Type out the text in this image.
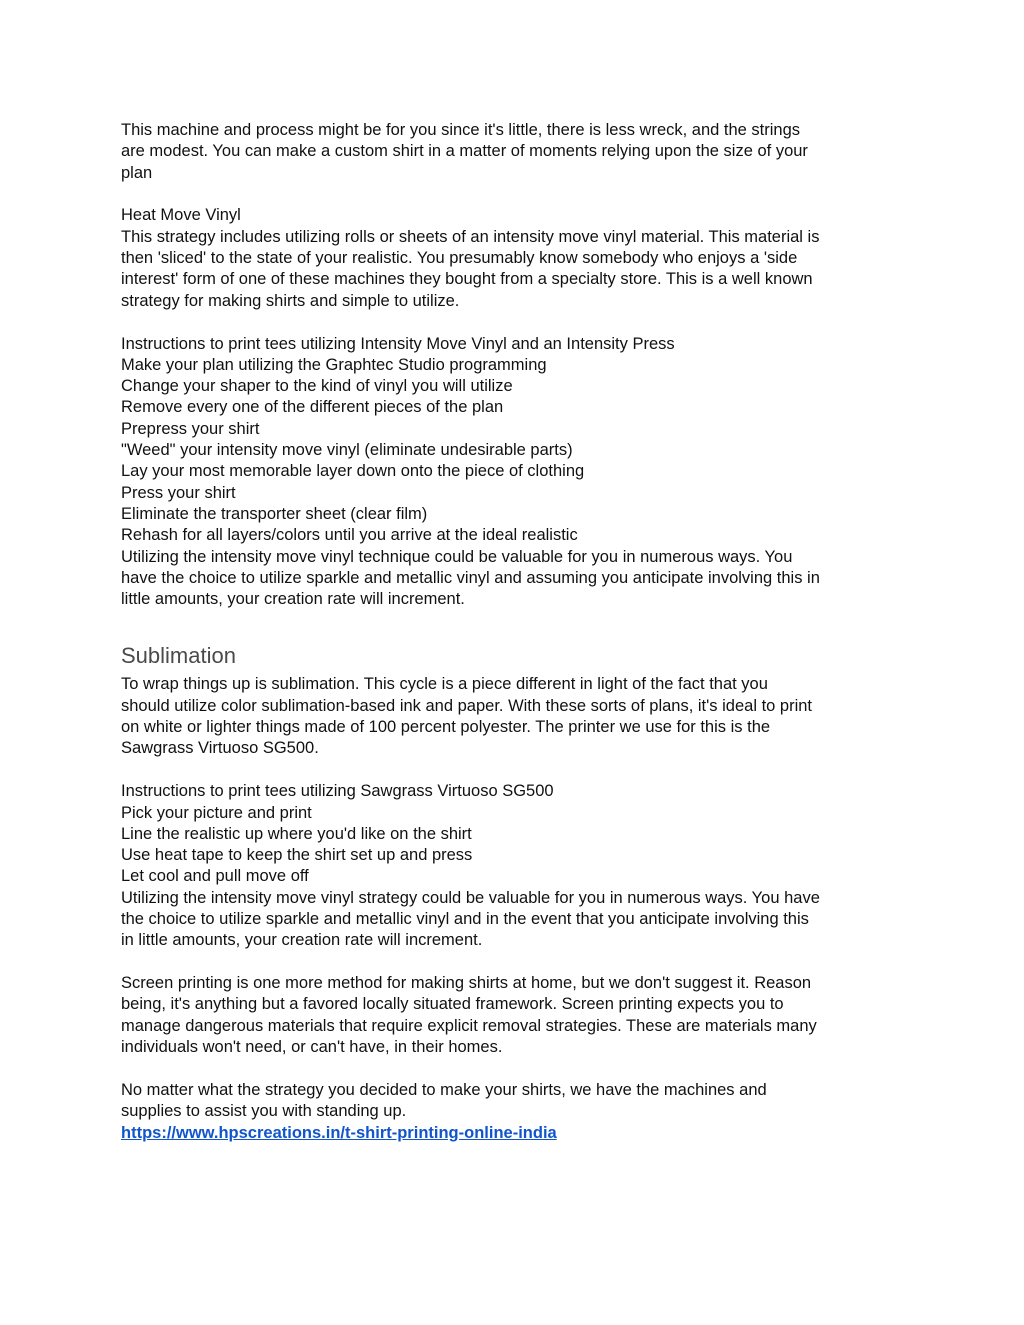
This machine and process might be for you since it's little, there is less wreck, and the strings
are modest. You can make a custom shirt in a matter of moments relying upon the size of your
plan

Heat Move Vinyl
This strategy includes utilizing rolls or sheets of an intensity move vinyl material. This material is
then 'sliced' to the state of your realistic. You presumably know somebody who enjoys a 'side
interest' form of one of these machines they bought from a specialty store. This is a well known
strategy for making shirts and simple to utilize.

Instructions to print tees utilizing Intensity Move Vinyl and an Intensity Press
Make your plan utilizing the Graphtec Studio programming
Change your shaper to the kind of vinyl you will utilize
Remove every one of the different pieces of the plan
Prepress your shirt
"Weed" your intensity move vinyl (eliminate undesirable parts)
Lay your most memorable layer down onto the piece of clothing
Press your shirt
Eliminate the transporter sheet (clear film)
Rehash for all layers/colors until you arrive at the ideal realistic
Utilizing the intensity move vinyl technique could be valuable for you in numerous ways. You
have the choice to utilize sparkle and metallic vinyl and assuming you anticipate involving this in
little amounts, your creation rate will increment.

Sublimation

To wrap things up is sublimation. This cycle is a piece different in light of the fact that you
should utilize color sublimation-based ink and paper. With these sorts of plans, it's ideal to print
on white or lighter things made of 100 percent polyester. The printer we use for this is the
Sawgrass Virtuoso SG500.

Instructions to print tees utilizing Sawgrass Virtuoso SG500
Pick your picture and print
Line the realistic up where you'd like on the shirt
Use heat tape to keep the shirt set up and press
Let cool and pull move off
Utilizing the intensity move vinyl strategy could be valuable for you in numerous ways. You have
the choice to utilize sparkle and metallic vinyl and in the event that you anticipate involving this
in little amounts, your creation rate will increment.

Screen printing is one more method for making shirts at home, but we don't suggest it. Reason
being, it's anything but a favored locally situated framework. Screen printing expects you to
manage dangerous materials that require explicit removal strategies. These are materials many
individuals won't need, or can't have, in their homes.

No matter what the strategy you decided to make your shirts, we have the machines and
supplies to assist you with standing up.
https://www.hpscreations.in/t-shirt-printing-online-india
